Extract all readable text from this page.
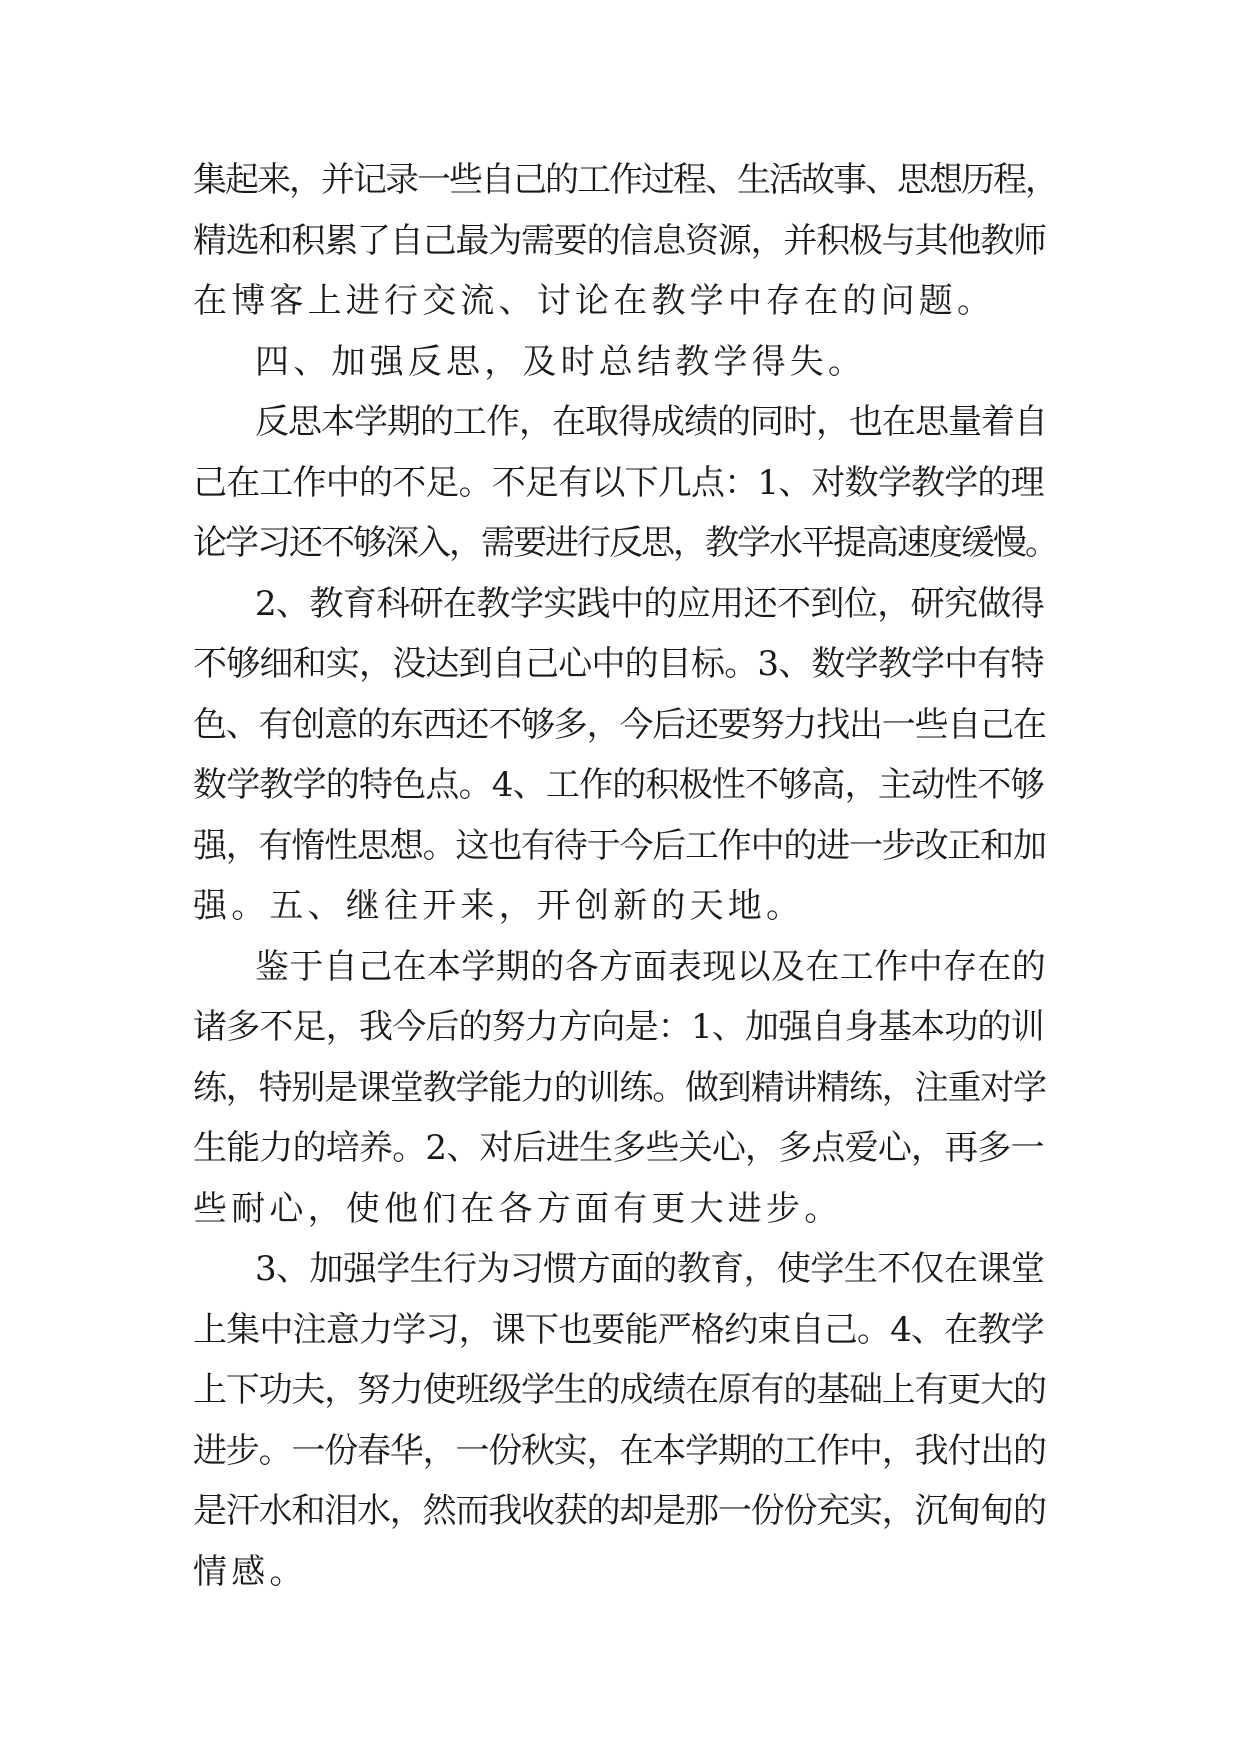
集起来，并记录一些自己的工作过程、生活故事、思想历程，
精选和积累了自己最为需要的信息资源，并积极与其他教师
在博客上进行交流、讨论在教学中存在的问题。
四、加强反思，及时总结教学得失。
反思本学期的工作，在取得成绩的同时，也在思量着自
己在工作中的不足。不足有以下几点：1、对数学教学的理
论学习还不够深入，需要进行反思，教学水平提高速度缓慢。
2、教育科研在教学实践中的应用还不到位，研究做得
不够细和实，没达到自己心中的目标。3、数学教学中有特
色、有创意的东西还不够多，今后还要努力找出一些自己在
数学教学的特色点。4、工作的积极性不够高，主动性不够
强，有惰性思想。这也有待于今后工作中的进一步改正和加
强。五、继往开来，开创新的天地。
鉴于自己在本学期的各方面表现以及在工作中存在的
诸多不足，我今后的努力方向是：1、加强自身基本功的训
练，特别是课堂教学能力的训练。做到精讲精练，注重对学
生能力的培养。2、对后进生多些关心，多点爱心，再多一
些耐心，使他们在各方面有更大进步。
3、加强学生行为习惯方面的教育，使学生不仅在课堂
上集中注意力学习，课下也要能严格约束自己。4、在教学
上下功夫，努力使班级学生的成绩在原有的基础上有更大的
进步。一份春华，一份秋实，在本学期的工作中，我付出的
是汗水和泪水，然而我收获的却是那一份份充实，沉甸甸的
情感。
